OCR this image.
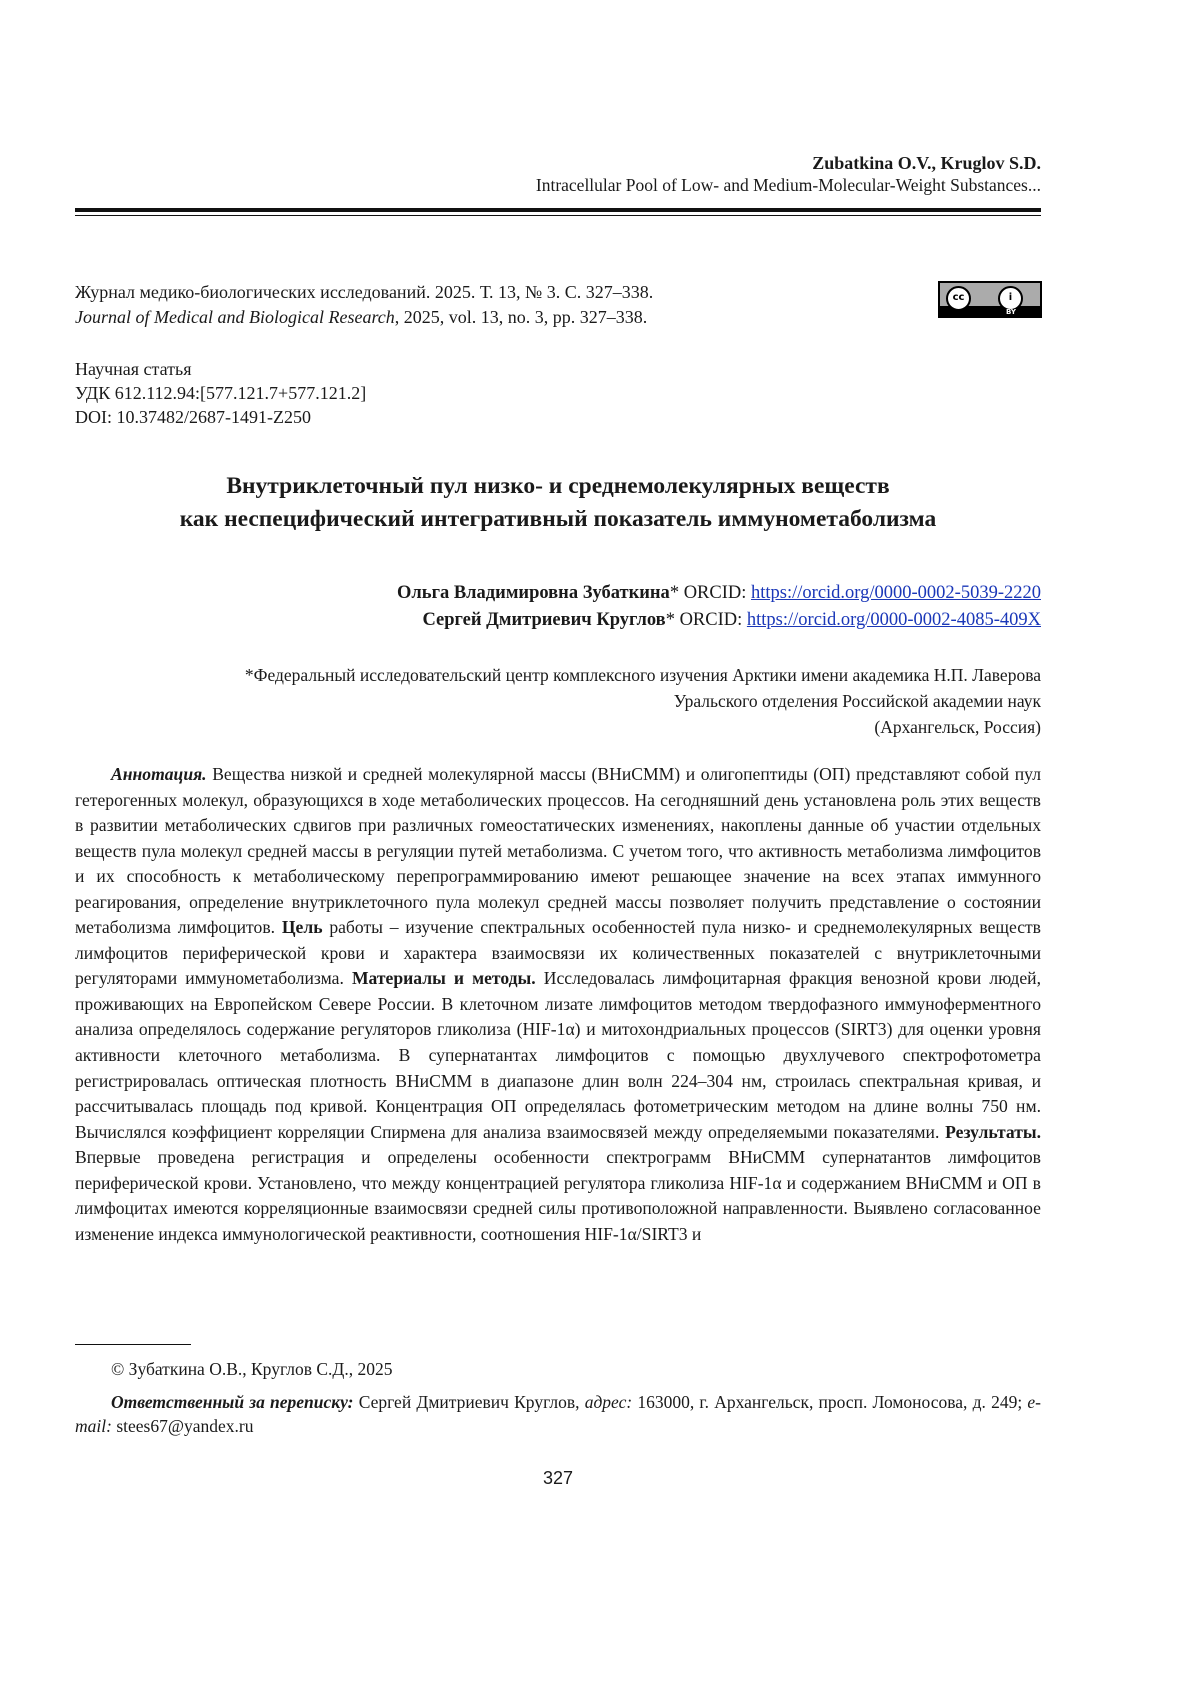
Zubatkina O.V., Kruglov S.D.
Intracellular Pool of Low- and Medium-Molecular-Weight Substances...
Журнал медико-биологических исследований. 2025. Т. 13, № 3. С. 327–338.
Journal of Medical and Biological Research, 2025, vol. 13, no. 3, pp. 327–338.
cc	i
BY
Научная статья
УДК 612.112.94:[577.121.7+577.121.2]
DOI: 10.37482/2687-1491-Z250
Внутриклеточный пул низко- и среднемолекулярных веществ
как неспецифический интегративный показатель иммунометаболизма
Ольга Владимировна Зубаткина* ORCID: https://orcid.org/0000-0002-5039-2220
Сергей Дмитриевич Круглов* ORCID: https://orcid.org/0000-0002-4085-409X
*Федеральный исследовательский центр комплексного изучения Арктики имени академика Н.П. Лаверова
Уральского отделения Российской академии наук
(Архангельск, Россия)

Аннотация. Вещества низкой и средней молекулярной массы (ВНиСММ) и олигопептиды (ОП) представляют собой пул гетерогенных молекул, образующихся в ходе метаболических процессов. На сегодняшний день установлена роль этих веществ в развитии метаболических сдвигов при различных гомеостатических изменениях, накоплены данные об участии отдельных веществ пула молекул средней массы в регуляции путей метаболизма. С учетом того, что активность метаболизма лимфоцитов и их способность к метаболическому перепрограммированию имеют решающее значение на всех этапах иммунного реагирования, определение внутриклеточного пула молекул средней массы позволяет получить представление о состоянии метаболизма лимфоцитов. Цель работы – изучение спектральных особенностей пула низко- и среднемолекулярных веществ лимфоцитов периферической крови и характера взаимосвязи их количественных показателей с внутриклеточными регуляторами иммунометаболизма. Материалы и методы. Исследовалась лимфоцитарная фракция венозной крови людей, проживающих на Европейском Севере России. В клеточном лизате лимфоцитов методом твердофазного иммуноферментного анализа определялось содержание регуляторов гликолиза (HIF-1α) и митохондриальных процессов (SIRT3) для оценки уровня активности клеточного метаболизма. В супернатантах лимфоцитов с помощью двухлучевого спектрофотометра регистрировалась оптическая плотность ВНиСММ в диапазоне длин волн 224–304 нм, строилась спектральная кривая, и рассчитывалась площадь под кривой. Концентрация ОП определялась фотометрическим методом на длине волны 750 нм. Вычислялся коэффициент корреляции Спирмена для анализа взаимосвязей между определяемыми показателями. Результаты. Впервые проведена регистрация и определены особенности спектрограмм ВНиСММ супернатантов лимфоцитов периферической крови. Установлено, что между концентрацией регулятора гликолиза HIF-1α и содержанием ВНиСММ и ОП в лимфоцитах имеются корреляционные взаимосвязи средней силы противоположной направленности. Выявлено согласованное изменение индекса иммунологической реактивности, соотношения HIF-1α/SIRT3 и

© Зубаткина О.В., Круглов С.Д., 2025
Ответственный за переписку: Сергей Дмитриевич Круглов, адрес: 163000, г. Архангельск, просп. Ломоносова, д. 249; e-mail: stees67@yandex.ru
327
